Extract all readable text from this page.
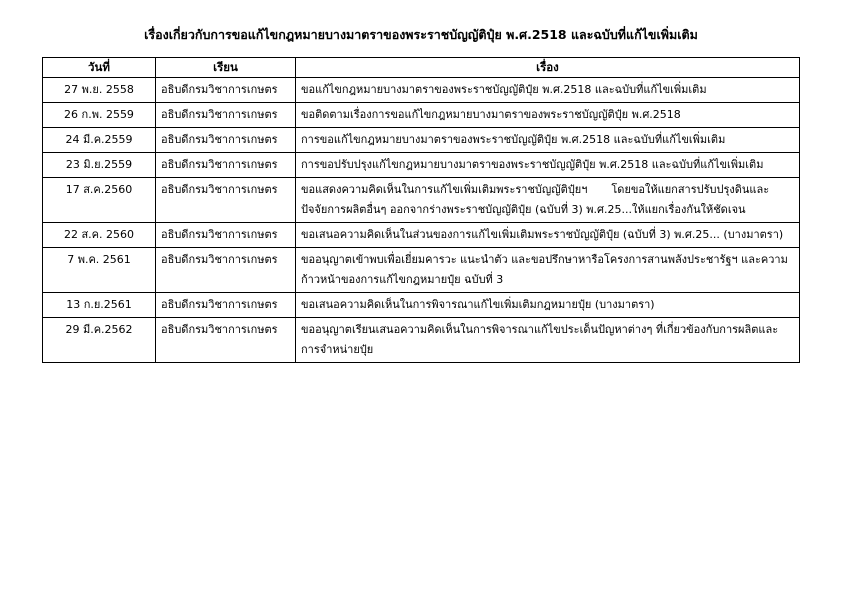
เรื่องเกี่ยวกับการขอแก้ไขกฎหมายบางมาตราของพระราชบัญญัติปุ๋ย พ.ศ.2518 และฉบับที่แก้ไขเพิ่มเติม
วันที่	เรียน	เรื่อง
27 พ.ย. 2558	อธิบดีกรมวิชาการเกษตร	ขอแก้ไขกฎหมายบางมาตราของพระราชบัญญัติปุ๋ย พ.ศ.2518 และฉบับที่แก้ไขเพิ่มเติม
26 ก.พ. 2559	อธิบดีกรมวิชาการเกษตร	ขอติดตามเรื่องการขอแก้ไขกฎหมายบางมาตราของพระราชบัญญัติปุ๋ย พ.ศ.2518
24 มี.ค.2559	อธิบดีกรมวิชาการเกษตร	การขอแก้ไขกฎหมายบางมาตราของพระราชบัญญัติปุ๋ย พ.ศ.2518 และฉบับที่แก้ไขเพิ่มเติม
23 มิ.ย.2559	อธิบดีกรมวิชาการเกษตร	การขอปรับปรุงแก้ไขกฎหมายบางมาตราของพระราชบัญญัติปุ๋ย พ.ศ.2518 และฉบับที่แก้ไขเพิ่มเติม
17 ส.ค.2560	อธิบดีกรมวิชาการเกษตร	ขอแสดงความคิดเห็นในการแก้ไขเพิ่มเติมพระราชบัญญัติปุ๋ยฯ โดยขอให้แยกสารปรับปรุงดินและปัจจัยการผลิตอื่นๆ ออกจากร่างพระราชบัญญัติปุ๋ย (ฉบับที่ 3) พ.ศ.25...ให้แยกเรื่องกันให้ชัดเจน
22 ส.ค. 2560	อธิบดีกรมวิชาการเกษตร	ขอเสนอความคิดเห็นในส่วนของการแก้ไขเพิ่มเติมพระราชบัญญัติปุ๋ย (ฉบับที่ 3) พ.ศ.25... (บางมาตรา)
7 พ.ค. 2561	อธิบดีกรมวิชาการเกษตร	ขออนุญาตเข้าพบเพื่อเยี่ยมคารวะ แนะนำตัว และขอปรึกษาหารือโครงการสานพลังประชารัฐฯ และความก้าวหน้าของการแก้ไขกฎหมายปุ๋ย ฉบับที่ 3
13 ก.ย.2561	อธิบดีกรมวิชาการเกษตร	ขอเสนอความคิดเห็นในการพิจารณาแก้ไขเพิ่มเติมกฎหมายปุ๋ย (บางมาตรา)
29 มี.ค.2562	อธิบดีกรมวิชาการเกษตร	ขออนุญาตเรียนเสนอความคิดเห็นในการพิจารณาแก้ไขประเด็นปัญหาต่างๆ ที่เกี่ยวข้องกับการผลิตและการจำหน่ายปุ๋ย
